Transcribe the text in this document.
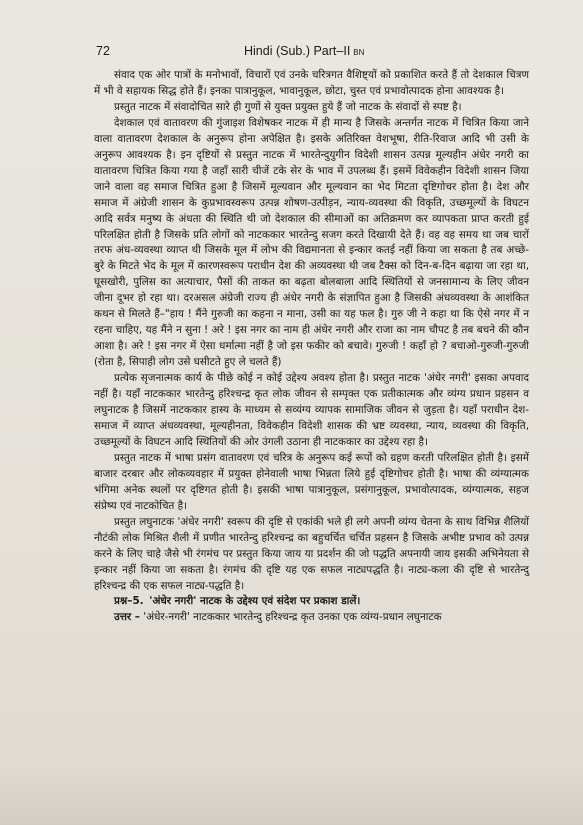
72	Hindi (Sub.) Part–II BN

संवाद एक ओर पात्रों के मनोभावों, विचारों एवं उनके चरित्रगत वैशिष्ट्यों को प्रकाशित करते हैं तो देशकाल चित्रण में भी वे सहायक सिद्ध होते हैं। इनका पात्रानुकूल, भावानुकूल, छोटा, चुस्त एवं प्रभावोत्पादक होना आवश्यक है।

प्रस्तुत नाटक में संवादोचित सारे ही गुणों से युक्त प्रयुक्त हुये हैं जो नाटक के संवादों से स्पष्ट है।

देशकाल एवं वातावरण की गुंजाइश विशेषकर नाटक में ही मान्य है जिसके अन्तर्गत नाटक में चित्रित किया जाने वाला वातावरण देशकाल के अनुरूप होना अपेक्षित है। इसके अतिरिक्त वेशभूषा, रीति-रिवाज आदि भी उसी के अनुरूप आवश्यक है। इन दृष्टियों से प्रस्तुत नाटक में भारतेन्दुयुगीन विदेशी शासन उत्पन्न मूल्यहीन अंधेर नगरी का वातावरण चित्रित किया गया है जहाँ सारी चीजें टके सेर के भाव में उपलब्ध हैं। इसमें विवेकहीन विदेशी शासन जिया जाने वाला वह समाज चित्रित हुआ है जिसमें मूल्यवान और मूल्यवान का भेद मिटता दृष्टिगोचर होता है। देश और समाज में अंग्रेजी शासन के कुप्रभावस्वरूप उत्पन्न शोषण-उत्पीड़न, न्याय-व्यवस्था की विकृति, उच्छमूल्यों के विघटन आदि सर्वत्र मनुष्य के अंधता की स्थिति थी जो देशकाल की सीमाओं का अतिक्रमण कर व्यापकता प्राप्त करती हुई परिलक्षित होती है जिसके प्रति लोगों को नाटककार भारतेन्दु सजग करते दिखायी देते हैं। वह वह समय था जब चारों तरफ अंध-व्यवस्था व्याप्त थी जिसके मूल में लोभ की विद्यमानता से इन्कार कतई नहीं किया जा सकता है तब अच्छे-बुरे के मिटते भेद के मूल में कारणस्वरूप पराधीन देश की अव्यवस्था थी जब टैक्स को दिन-ब-दिन बढ़ाया जा रहा था, घूसखोरी, पुलिस का अत्याचार, पैसों की ताकत का बढ़ता बोलबाला आदि स्थितियों से जनसामान्य के लिए जीवन जीना दूभर हो रहा था। दरअसल अंग्रेजी राज्य ही अंधेर नगरी के संज्ञापित हुआ है जिसकी अंधव्यवस्था के आशंकित कथन से मिलते हैं–"हाय ! मैंने गुरुजी का कहना न माना, उसी का यह फल है। गुरु जी ने कहा था कि ऐसे नगर में न रहना चाहिए, यह मैंने न सुना ! अरे ! इस नगर का नाम ही अंधेर नगरी और राजा का नाम चौपट है तब बचने की कौन आशा है। अरे ! इस नगर में ऐसा धर्मात्मा नहीं है जो इस फकीर को बचावे। गुरुजी ! कहाँ हो ? बचाओ-गुरुजी-गुरुजी (रोता है, सिपाही लोग उसे घसीटते हुए ले चलते हैं)

प्रत्येक सृजनात्मक कार्य के पीछे कोई न कोई उद्देश्य अवश्य होता है। प्रस्तुत नाटक 'अंधेर नगरी' इसका अपवाद नहीं है। यहाँ नाटककार भारतेन्दु हरिश्चन्द्र कृत लोक जीवन से सम्पृक्त एक प्रतीकात्मक और व्यंग्य प्रधान प्रहसन व लघुनाटक है जिसमें नाटककार हास्य के माध्यम से सव्यंग्य व्यापक सामाजिक जीवन से जुड़ता है। यहाँ पराधीन देश-समाज में व्याप्त अंधव्यवस्था, मूल्यहीनता, विवेकहीन विदेशी शासक की भ्रष्ट व्यवस्था, न्याय, व्यवस्था की विकृति, उच्छमूल्यों के विघटन आदि स्थितियों की ओर उंगली उठाना ही नाटककार का उद्देश्य रहा है।

प्रस्तुत नाटक में भाषा प्रसंग वातावरण एवं चरित्र के अनुरूप कई रूपों को ग्रहण करती परिलक्षित होती है। इसमें बाजार दरबार और लोकव्यवहार में प्रयुक्त होनेवाली भाषा भिन्नता लिये हुई दृष्टिगोचर होती है। भाषा की व्यंग्यात्मक भंगिमा अनेक स्थलों पर दृष्टिगत होती है। इसकी भाषा पात्रानुकूल, प्रसंगानुकूल, प्रभावोत्पादक, व्यंग्यात्मक, सहज संप्रेष्य एवं नाटकोचित है।

प्रस्तुत लघुनाटक 'अंधेर नगरी' स्वरूप की दृष्टि से एकांकी भले ही लगे अपनी व्यंग्य चेतना के साथ विभिन्न शैलियों नौटंकी लोक मिश्रित शैली में प्रणीत भारतेन्दु हरिश्चन्द्र का बहुचर्चित चर्चित प्रहसन है जिसके अभीष्ट प्रभाव को उत्पन्न करने के लिए चाहे जैसे भी रंगमंच पर प्रस्तुत किया जाय या प्रदर्शन की जो पद्धति अपनायी जाय इसकी अभिनेयता से इन्कार नहीं किया जा सकता है। रंगमंच की दृष्टि यह एक सफल नाट्यपद्धति है। नाट्य-कला की दृष्टि से भारतेन्दु हरिश्चन्द्र की एक सफल नाट्य-पद्धति है।

प्रश्न–5. 'अंधेर नगरी' नाटक के उद्देश्य एवं संदेश पर प्रकाश डालें।

उत्तर – 'अंधेर-नगरी' नाटककार भारतेन्दु हरिश्चन्द्र कृत उनका एक व्यंग्य-प्रधान लघुनाटक
